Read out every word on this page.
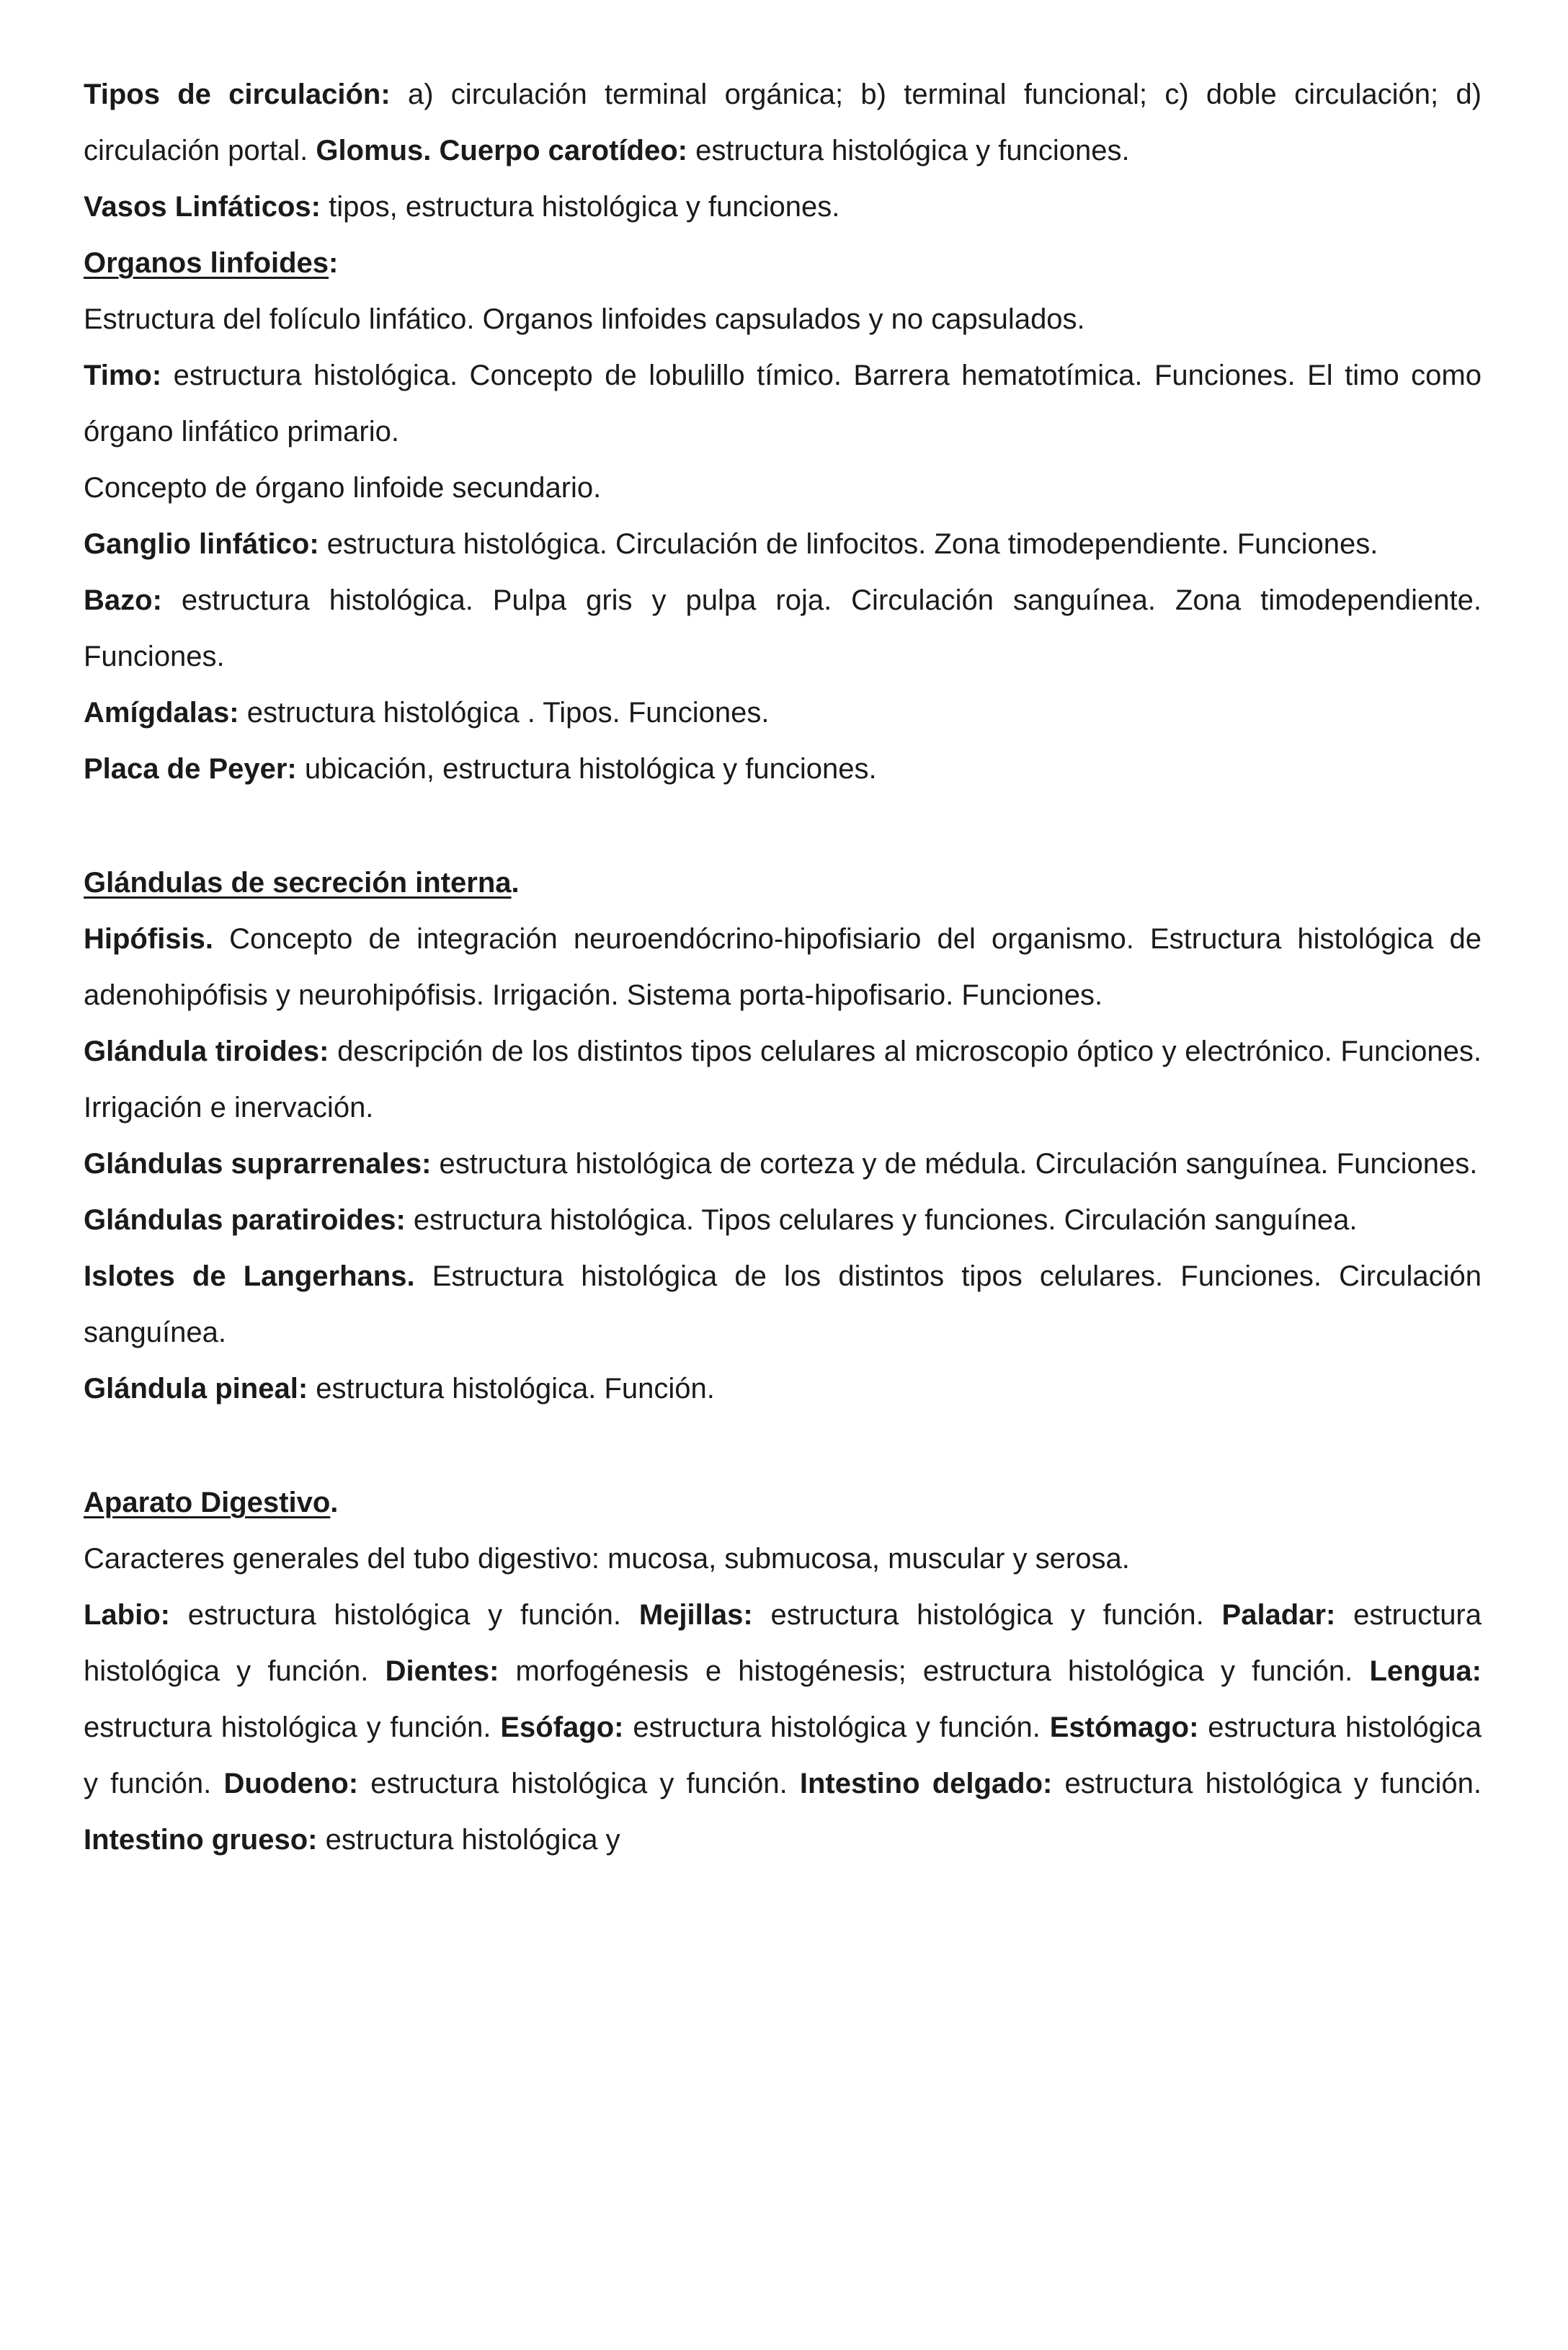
Tipos de circulación: a) circulación terminal orgánica; b) terminal funcional; c) doble circulación; d) circulación portal. Glomus. Cuerpo carotídeo: estructura histológica y funciones.

Vasos Linfáticos: tipos, estructura histológica y funciones.

Organos linfoides:

Estructura del folículo linfático. Organos linfoides capsulados y no capsulados.

Timo: estructura histológica. Concepto de lobulillo tímico. Barrera hematotímica. Funciones. El timo como órgano linfático primario.

Concepto de órgano linfoide secundario.

Ganglio linfático: estructura histológica. Circulación de linfocitos. Zona timodependiente. Funciones.

Bazo: estructura histológica. Pulpa gris y pulpa roja. Circulación sanguínea. Zona timodependiente. Funciones.

Amígdalas: estructura histológica . Tipos. Funciones.

Placa de Peyer: ubicación, estructura histológica y funciones.

Glándulas de secreción interna.

Hipófisis. Concepto de integración neuroendócrino-hipofisiario del organismo. Estructura histológica de adenohipófisis y neurohipófisis. Irrigación. Sistema porta-hipofisario. Funciones.

Glándula tiroides: descripción de los distintos tipos celulares al microscopio óptico y electrónico. Funciones. Irrigación e inervación.

Glándulas suprarrenales: estructura histológica de corteza y de médula. Circulación sanguínea. Funciones.

Glándulas paratiroides: estructura histológica. Tipos celulares y funciones. Circulación sanguínea.

Islotes de Langerhans. Estructura histológica de los distintos tipos celulares. Funciones. Circulación sanguínea.

Glándula pineal: estructura histológica. Función.

Aparato Digestivo.

Caracteres generales del tubo digestivo: mucosa, submucosa, muscular y serosa.

Labio: estructura histológica y función. Mejillas: estructura histológica y función. Paladar: estructura histológica y función. Dientes: morfogénesis e histogénesis; estructura histológica y función. Lengua: estructura histológica y función. Esófago: estructura histológica y función. Estómago: estructura histológica y función. Duodeno: estructura histológica y función. Intestino delgado: estructura histológica y función. Intestino grueso: estructura histológica y
